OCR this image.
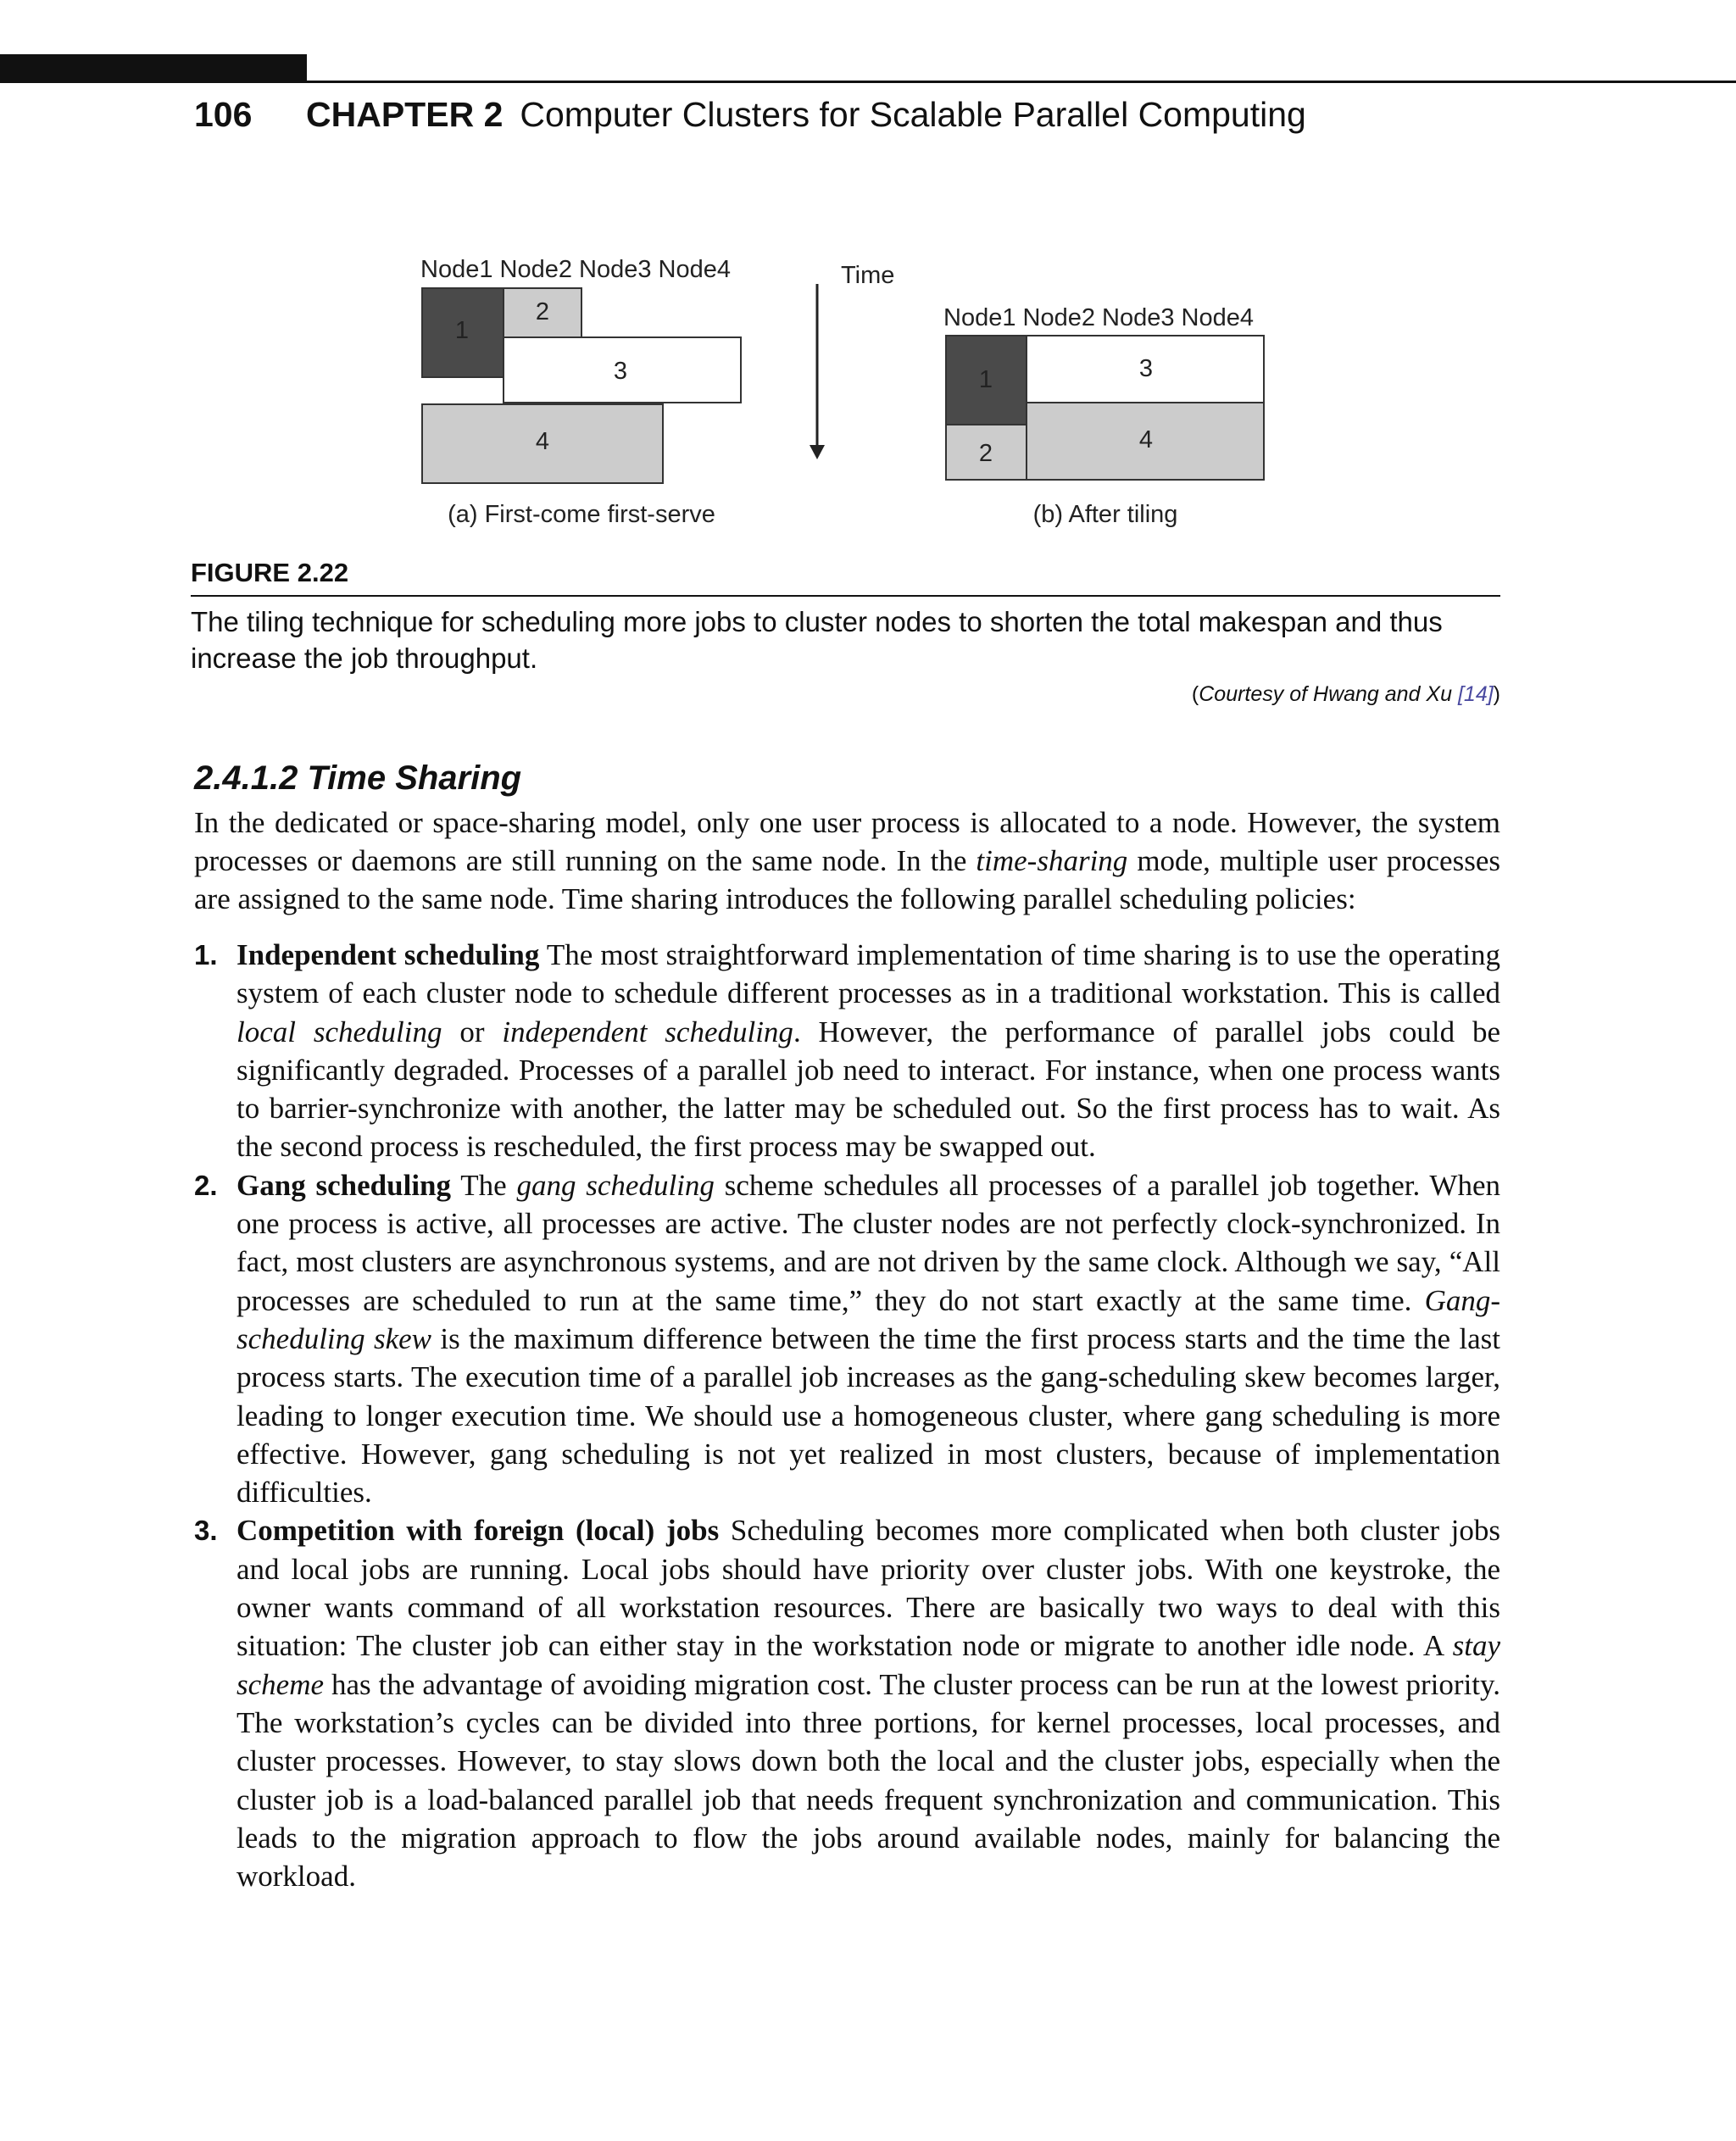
106	CHAPTER 2 Computer Clusters for Scalable Parallel Computing
Node1 Node2 Node3 Node4
1
2
3
4
(a) First-come first-serve
Time
Node1 Node2 Node3 Node4
1	3
2	4
(b) After tiling
FIGURE 2.22
The tiling technique for scheduling more jobs to cluster nodes to shorten the total makespan and thus increase the job throughput.
(Courtesy of Hwang and Xu [14])
2.4.1.2 Time Sharing

In the dedicated or space-sharing model, only one user process is allocated to a node. However, the system processes or daemons are still running on the same node. In the time-sharing mode, multiple user processes are assigned to the same node. Time sharing introduces the following parallel scheduling policies:

1. Independent scheduling The most straightforward implementation of time sharing is to use the operating system of each cluster node to schedule different processes as in a traditional workstation. This is called local scheduling or independent scheduling. However, the performance of parallel jobs could be significantly degraded. Processes of a parallel job need to interact. For instance, when one process wants to barrier-synchronize with another, the latter may be scheduled out. So the first process has to wait. As the second process is rescheduled, the first process may be swapped out.
2. Gang scheduling The gang scheduling scheme schedules all processes of a parallel job together. When one process is active, all processes are active. The cluster nodes are not perfectly clock-synchronized. In fact, most clusters are asynchronous systems, and are not driven by the same clock. Although we say, “All processes are scheduled to run at the same time,” they do not start exactly at the same time. Gang-scheduling skew is the maximum difference between the time the first process starts and the time the last process starts. The execution time of a parallel job increases as the gang-scheduling skew becomes larger, leading to longer execution time. We should use a homogeneous cluster, where gang scheduling is more effective. However, gang scheduling is not yet realized in most clusters, because of implementation difficulties.
3. Competition with foreign (local) jobs Scheduling becomes more complicated when both cluster jobs and local jobs are running. Local jobs should have priority over cluster jobs. With one keystroke, the owner wants command of all workstation resources. There are basically two ways to deal with this situation: The cluster job can either stay in the workstation node or migrate to another idle node. A stay scheme has the advantage of avoiding migration cost. The cluster process can be run at the lowest priority. The workstation’s cycles can be divided into three portions, for kernel processes, local processes, and cluster processes. However, to stay slows down both the local and the cluster jobs, especially when the cluster job is a load-balanced parallel job that needs frequent synchronization and communication. This leads to the migration approach to flow the jobs around available nodes, mainly for balancing the workload.
